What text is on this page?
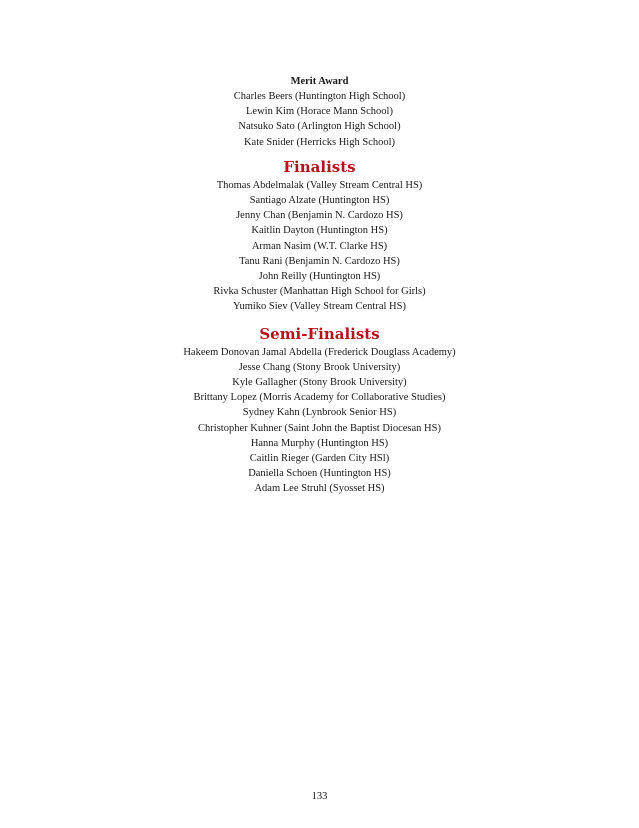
Merit Award

Charles Beers (Huntington High School)

Lewin Kim (Horace Mann School)

Natsuko Sato (Arlington High School)

Kate Snider (Herricks High School)

Finalists

Thomas Abdelmalak (Valley Stream Central HS)

Santiago Alzate (Huntington HS)

Jenny Chan (Benjamin N. Cardozo HS)

Kaitlin Dayton (Huntington HS)

Arman Nasim (W.T. Clarke HS)

Tanu Rani (Benjamin N. Cardozo HS)

John Reilly (Huntington HS)

Rivka Schuster (Manhattan High School for Girls)

Yumiko Siev (Valley Stream Central HS)

Semi-Finalists

Hakeem Donovan Jamal Abdella (Frederick Douglass Academy)

Jesse Chang (Stony Brook University)

Kyle Gallagher (Stony Brook University)

Brittany Lopez (Morris Academy for Collaborative Studies)

Sydney Kahn (Lynbrook Senior HS)

Christopher Kuhner (Saint John the Baptist Diocesan HS)

Hanna Murphy (Huntington HS)

Caitlin Rieger (Garden City HSl)

Daniella Schoen (Huntington HS)

Adam Lee Struhl (Syosset HS)

133
